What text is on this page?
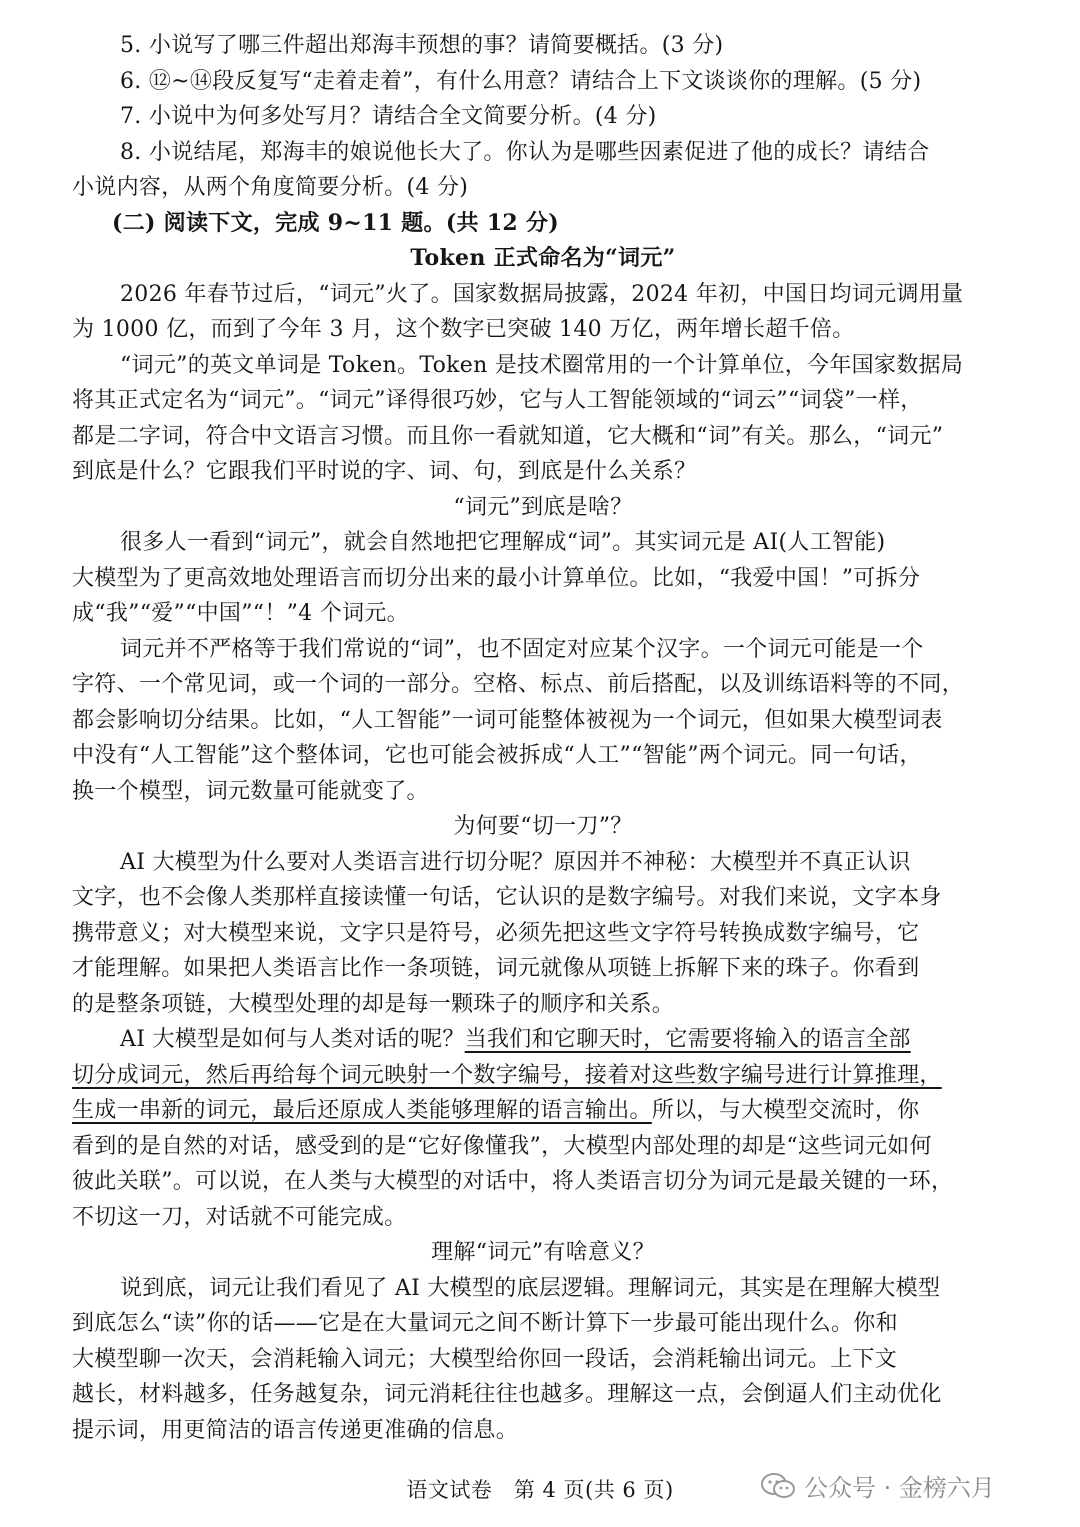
5. 小说写了哪三件超出郑海丰预想的事？请简要概括。(3 分)
6. ⑫~⑭段反复写“走着走着”，有什么用意？请结合上下文谈谈你的理解。(5 分)
7. 小说中为何多处写月？请结合全文简要分析。(4 分)
8. 小说结尾，郑海丰的娘说他长大了。你认为是哪些因素促进了他的成长？请结合
小说内容，从两个角度简要分析。(4 分)
(二) 阅读下文，完成 9~11 题。(共 12 分)
Token 正式命名为“词元”
2026 年春节过后，“词元”火了。国家数据局披露，2024 年初，中国日均词元调用量
为 1000 亿，而到了今年 3 月，这个数字已突破 140 万亿，两年增长超千倍。
“词元”的英文单词是 Token。Token 是技术圈常用的一个计算单位，今年国家数据局
将其正式定名为“词元”。“词元”译得很巧妙，它与人工智能领域的“词云”“词袋”一样，
都是二字词，符合中文语言习惯。而且你一看就知道，它大概和“词”有关。那么，“词元”
到底是什么？它跟我们平时说的字、词、句，到底是什么关系？
“词元”到底是啥？
很多人一看到“词元”，就会自然地把它理解成“词”。其实词元是 AI(人工智能)
大模型为了更高效地处理语言而切分出来的最小计算单位。比如，“我爱中国！”可拆分
成“我”“爱”“中国”“！”4 个词元。
词元并不严格等于我们常说的“词”，也不固定对应某个汉字。一个词元可能是一个
字符、一个常见词，或一个词的一部分。空格、标点、前后搭配，以及训练语料等的不同，
都会影响切分结果。比如，“人工智能”一词可能整体被视为一个词元，但如果大模型词表
中没有“人工智能”这个整体词，它也可能会被拆成“人工”“智能”两个词元。同一句话，
换一个模型，词元数量可能就变了。
为何要“切一刀”？
AI 大模型为什么要对人类语言进行切分呢？原因并不神秘：大模型并不真正认识
文字，也不会像人类那样直接读懂一句话，它认识的是数字编号。对我们来说，文字本身
携带意义；对大模型来说，文字只是符号，必须先把这些文字符号转换成数字编号，它
才能理解。如果把人类语言比作一条项链，词元就像从项链上拆解下来的珠子。你看到
的是整条项链，大模型处理的却是每一颗珠子的顺序和关系。
AI 大模型是如何与人类对话的呢？当我们和它聊天时，它需要将输入的语言全部
切分成词元，然后再给每个词元映射一个数字编号，接着对这些数字编号进行计算推理，
生成一串新的词元，最后还原成人类能够理解的语言输出。所以，与大模型交流时，你
看到的是自然的对话，感受到的是“它好像懂我”，大模型内部处理的却是“这些词元如何
彼此关联”。可以说，在人类与大模型的对话中，将人类语言切分为词元是最关键的一环，
不切这一刀，对话就不可能完成。
理解“词元”有啥意义？
说到底，词元让我们看见了 AI 大模型的底层逻辑。理解词元，其实是在理解大模型
到底怎么“读”你的话——它是在大量词元之间不断计算下一步最可能出现什么。你和
大模型聊一次天，会消耗输入词元；大模型给你回一段话，会消耗输出词元。上下文
越长，材料越多，任务越复杂，词元消耗往往也越多。理解这一点，会倒逼人们主动优化
提示词，用更简洁的语言传递更准确的信息。
语文试卷　第 4 页(共 6 页)	公众号 · 金榜六月
